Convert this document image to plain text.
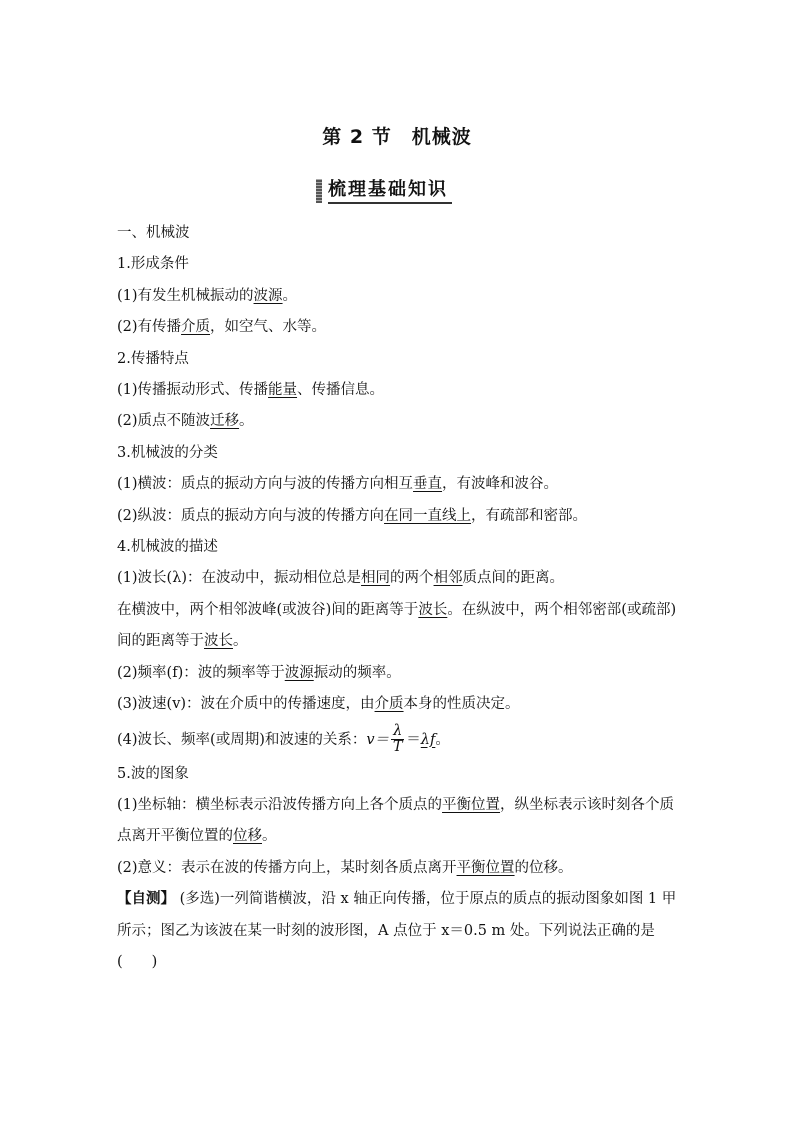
第 2 节　机械波
梳理基础知识

一、机械波

1.形成条件

(1)有发生机械振动的波源。

(2)有传播介质，如空气、水等。

2.传播特点

(1)传播振动形式、传播能量、传播信息。

(2)质点不随波迁移。

3.机械波的分类

(1)横波：质点的振动方向与波的传播方向相互垂直，有波峰和波谷。

(2)纵波：质点的振动方向与波的传播方向在同一直线上，有疏部和密部。

4.机械波的描述

(1)波长(λ)：在波动中，振动相位总是相同的两个相邻质点间的距离。

在横波中，两个相邻波峰(或波谷)间的距离等于波长。在纵波中，两个相邻密部(或疏部)间的距离等于波长。

(2)频率(f)：波的频率等于波源振动的频率。

(3)波速(v)：波在介质中的传播速度，由介质本身的性质决定。

(4)波长、频率(或周期)和波速的关系：$v= \frac{\lambda}{T} =\lambda f$。

5.波的图象

(1)坐标轴：横坐标表示沿波传播方向上各个质点的平衡位置，纵坐标表示该时刻各个质点离开平衡位置的位移。

(2)意义：表示在波的传播方向上，某时刻各质点离开平衡位置的位移。

【自测】 (多选)一列简谐横波，沿 x 轴正向传播，位于原点的质点的振动图象如图 1 甲所示；图乙为该波在某一时刻的波形图，A 点位于 x＝0.5 m 处。下列说法正确的是(　　)
